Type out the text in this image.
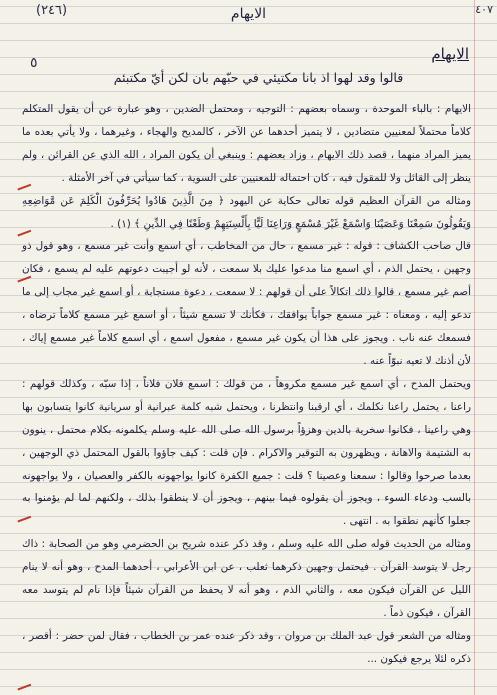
(٢٤٦)	٤٠٧
الايهام
الايهام
٥
قالوا وقد لهوا اذ بانا مكتيئي في حبّهم بان لكن أيّ مكتبئم

الايهام : بالباء الموحدة ، وسماه بعضهم : التوجيه ، ومحتمل الضدين ، وهو عبارة عن أن يقول المتكلم كلاماً محتملاً لمعنيين متضادين ، لا يتميز أحدهما عن الآخر ، كالمديح والهجاء ، وغيرهما ، ولا يأتي بعده ما يميز المراد منهما ، قصد ذلك الايهام ، وزاد بعضهم : وينبغي أن يكون المراد ، الله الذي عن القرائن ، ولم ينظر إلى القائل ولا للمقول فيه ، كان احتماله للمعنيين على السوية ، كما سيأتي في آخر الأمثلة .

ومثاله من القرآن العظيم قوله تعالى حكاية عن اليهود ﴿ مِنَ الَّذِينَ هَادُوا يُحَرِّفُونَ الْكَلِمَ عَن مَّوَاضِعِهِ وَيَقُولُونَ سَمِعْنَا وَعَصَيْنَا وَاسْمَعْ غَيْرَ مُسْمَعٍ وَرَاعِنَا لَيًّا بِأَلْسِنَتِهِمْ وَطَعْنًا فِي الدِّينِ ﴾ (١) .

قال صاحب الكشاف : قوله : غير مسمع ، حال من المخاطب ، أي اسمع وأنت غير مسمع ، وهو قول ذو وجهين ، يحتمل الذم ، أي اسمع منا مدعوا عليك بلا سمعت ، لأنه لو أجيبت دعوتهم عليه لم يسمع ، فكان أصم غير مسمع ، قالوا ذلك اتكالاً على أن قولهم : لا سمعت ، دعوة مستجابة ، أو اسمع غير مجاب إلى ما تدعو إليه ، ومعناه : غير مسمع جواباً يوافقك ، فكأنك لا تسمع شيئاً ، أو اسمع غير مسمع كلاماً ترضاه ، فسمعك عنه ناب . ويجوز على هذا أن يكون غير مسمع ، مفعول اسمع ، أي اسمع كلاماً غير مسمع إياك ، لأن أذنك لا تعيه نبوّاً عنه .

ويحتمل المدح ، أي اسمع غير مسمع مكروهاً ، من قولك : اسمع فلان فلاناً ، إذا سبّه ، وكذلك قولهم : راعنا ، يحتمل راعنا نكلمك ، أي ارقبنا وانتظرنا ، ويحتمل شبه كلمة عبرانية أو سريانية كانوا يتسابون بها وهي راعينا ، فكانوا سخرية بالدين وهزؤاً برسول الله صلى الله عليه وسلم يكلمونه بكلام محتمل ، ينوون به الشتيمة والاهانة ، ويظهرون به التوقير والاكرام . فإن قلت : كيف جاؤوا بالقول المحتمل ذي الوجهين ، بعدما صرحوا وقالوا : سمعنا وعصينا ؟ قلت : جميع الكفرة كانوا يواجهونه بالكفر والعصيان ، ولا يواجهونه بالسب ودعاء السوء ، ويجوز أن يقولوه فيما بينهم ، ويجوز أن لا ينطقوا بذلك ، ولكنهم لما لم يؤمنوا به جعلوا كأنهم نطقوا به . انتهى .

ومثاله من الحديث قوله صلى الله عليه وسلم ، وقد ذكر عنده شريح بن الحضرمي وهو من الصحابة : ذاك رجل لا يتوسد القرآن . فيحتمل وجهين ذكرهما ثعلب ، عن ابن الأعرابي ، أحدهما المدح ، وهو أنه لا ينام الليل عن القرآن فيكون معه ، والثاني الذم ، وهو أنه لا يحفظ من القرآن شيئاً فإذا نام لم يتوسد معه القرآن ، فيكون ذماً .

ومثاله من الشعر قول عبد الملك بن مروان ، وقد ذكر عنده عمر بن الخطاب ، فقال لمن حضر : أقصر ، ذكره لئلا يرجع فيكون ...
